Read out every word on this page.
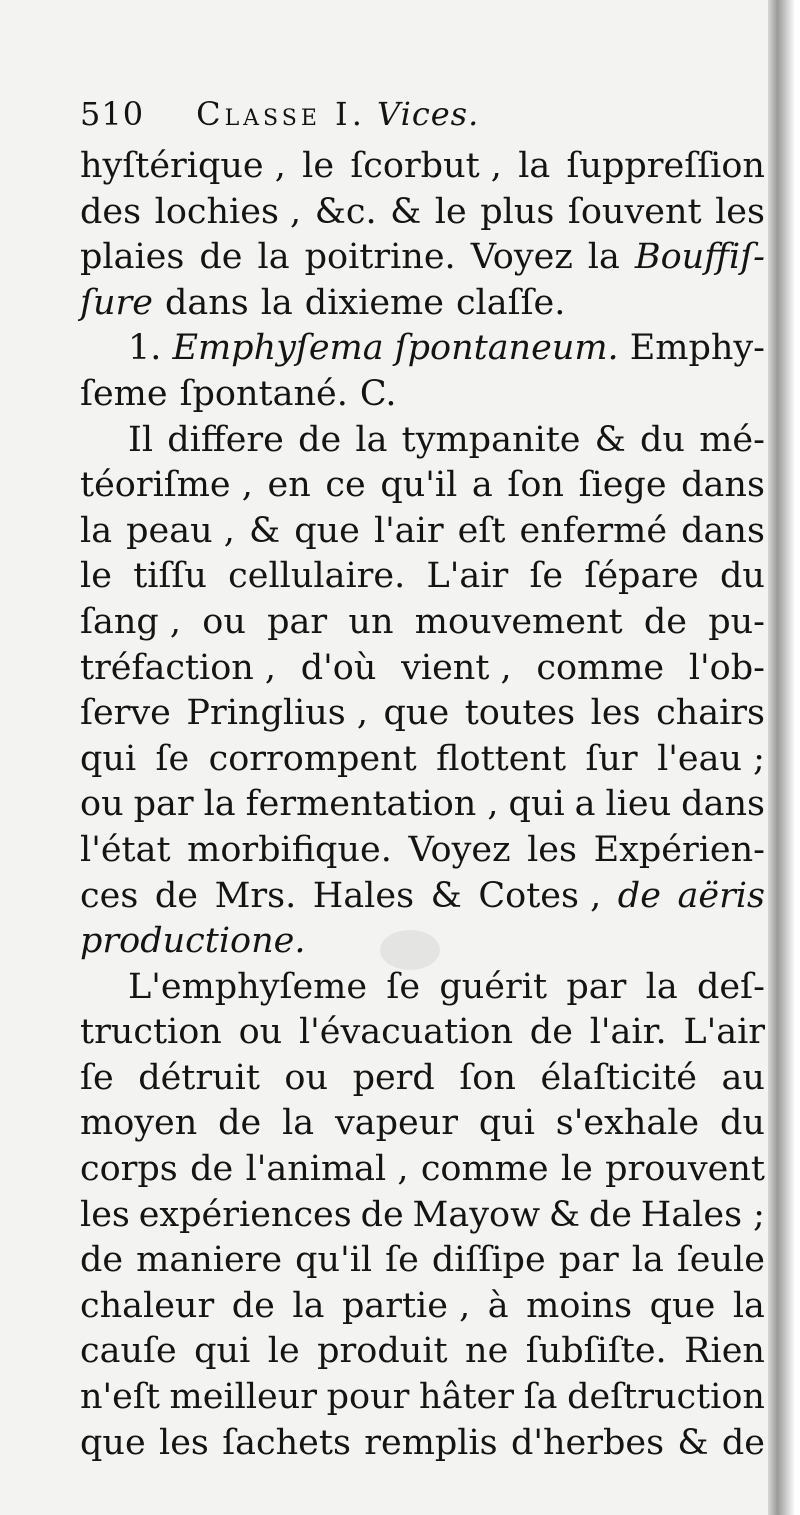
510 Classe I. Vices.
hyſtérique , le ſcorbut , la ſuppreſſion
des lochies , &c. & le plus ſouvent les
plaies de la poitrine. Voyez la Bouffiſ-
ſure dans la dixieme claſſe.
1. Emphyſema ſpontaneum. Emphy-
ſeme ſpontané. C.
Il differe de la tympanite & du mé-
téoriſme , en ce qu'il a ſon ſiege dans
la peau , & que l'air eſt enfermé dans
le tiſſu cellulaire. L'air ſe ſépare du
ſang , ou par un mouvement de pu-
tréfaction , d'où vient , comme l'ob-
ſerve Pringlius , que toutes les chairs
qui ſe corrompent flottent ſur l'eau ;
ou par la fermentation , qui a lieu dans
l'état morbifique. Voyez les Expérien-
ces de Mrs. Hales & Cotes , de aëris
productione.
L'emphyſeme ſe guérit par la deſ-
truction ou l'évacuation de l'air. L'air
ſe détruit ou perd ſon élaſticité au
moyen de la vapeur qui s'exhale du
corps de l'animal , comme le prouvent
les expériences de Mayow & de Hales ;
de maniere qu'il ſe diſſipe par la ſeule
chaleur de la partie , à moins que la
cauſe qui le produit ne ſubſiſte. Rien
n'eſt meilleur pour hâter ſa deſtruction
que les ſachets remplis d'herbes & de
